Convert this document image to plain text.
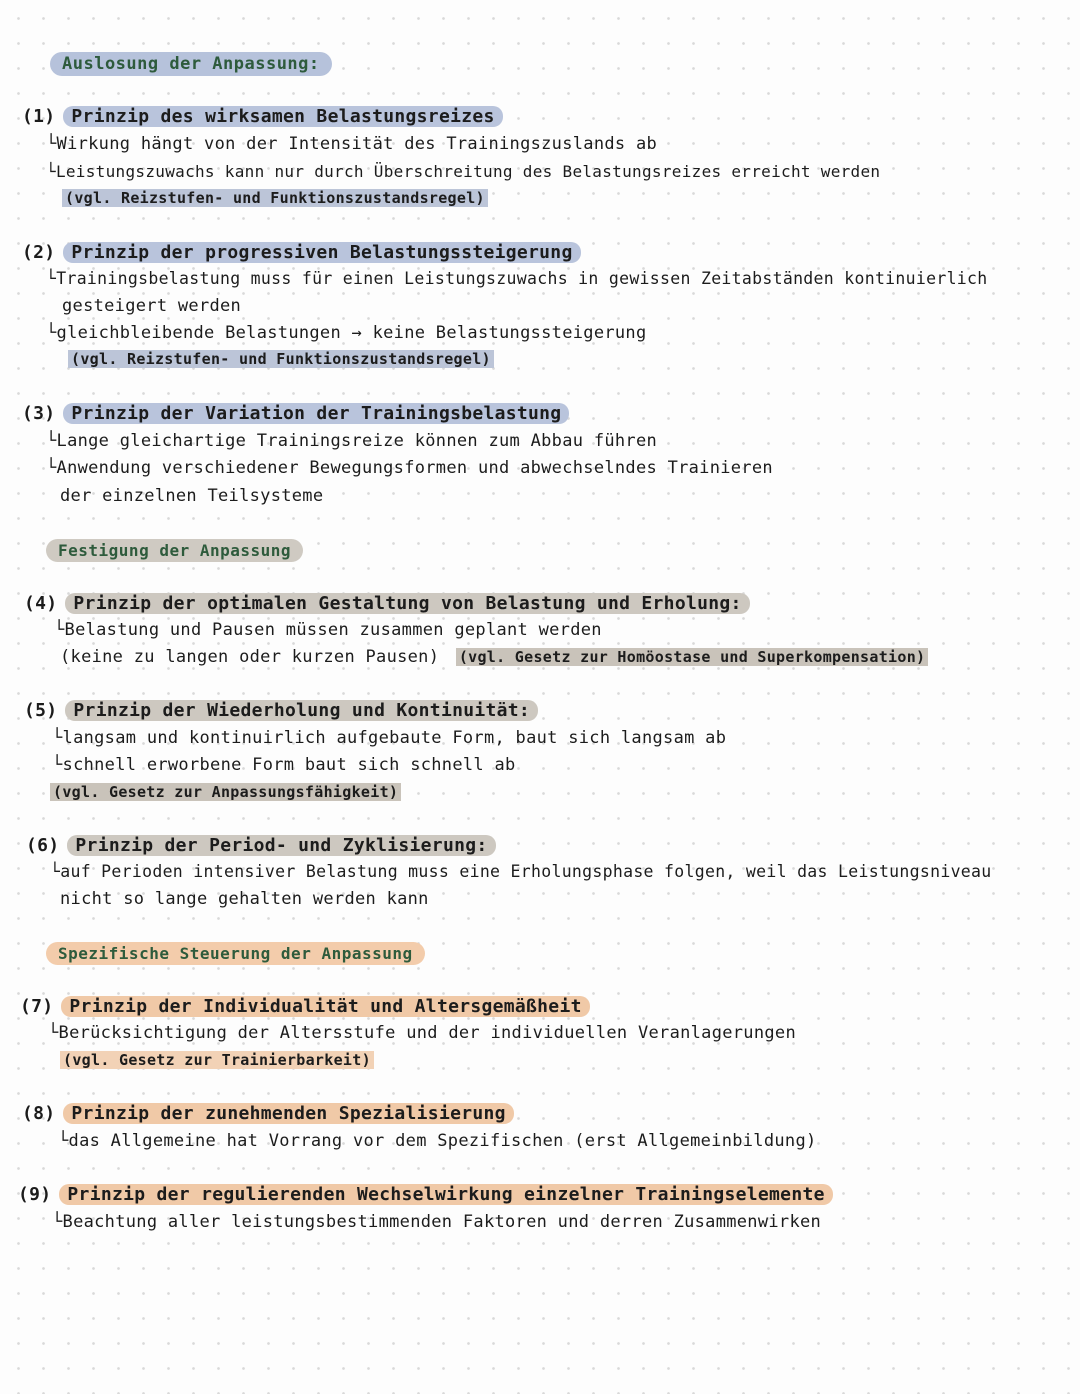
Auslosung der Anpassung:
(1) Prinzip des wirksamen Belastungsreizes
└Wirkung hängt von der Intensität des Trainingszuslands ab
└Leistungszuwachs kann nur durch Überschreitung des Belastungsreizes erreicht werden
(vgl. Reizstufen- und Funktionszustandsregel)
(2) Prinzip der progressiven Belastungssteigerung
└Trainingsbelastung muss für einen Leistungszuwachs in gewissen Zeitabständen kontinuierlich
gesteigert werden
└gleichbleibende Belastungen → keine Belastungssteigerung
(vgl. Reizstufen- und Funktionszustandsregel)
(3) Prinzip der Variation der Trainingsbelastung
└Lange gleichartige Trainingsreize können zum Abbau führen
└Anwendung verschiedener Bewegungsformen und abwechselndes Trainieren
der einzelnen Teilsysteme
Festigung der Anpassung
(4) Prinzip der optimalen Gestaltung von Belastung und Erholung:
└Belastung und Pausen müssen zusammen geplant werden
(keine zu langen oder kurzen Pausen) (vgl. Gesetz zur Homöostase und Superkompensation)
(5) Prinzip der Wiederholung und Kontinuität:
└langsam und kontinuirlich aufgebaute Form, baut sich langsam ab
└schnell erworbene Form baut sich schnell ab
(vgl. Gesetz zur Anpassungsfähigkeit)
(6) Prinzip der Period- und Zyklisierung:
└auf Perioden intensiver Belastung muss eine Erholungsphase folgen, weil das Leistungsniveau
nicht so lange gehalten werden kann
Spezifische Steuerung der Anpassung
(7) Prinzip der Individualität und Altersgemäßheit
└Berücksichtigung der Altersstufe und der individuellen Veranlagerungen
(vgl. Gesetz zur Trainierbarkeit)
(8) Prinzip der zunehmenden Spezialisierung
└das Allgemeine hat Vorrang vor dem Spezifischen (erst Allgemeinbildung)
(9) Prinzip der regulierenden Wechselwirkung einzelner Trainingselemente
└Beachtung aller leistungsbestimmenden Faktoren und derren Zusammenwirken
